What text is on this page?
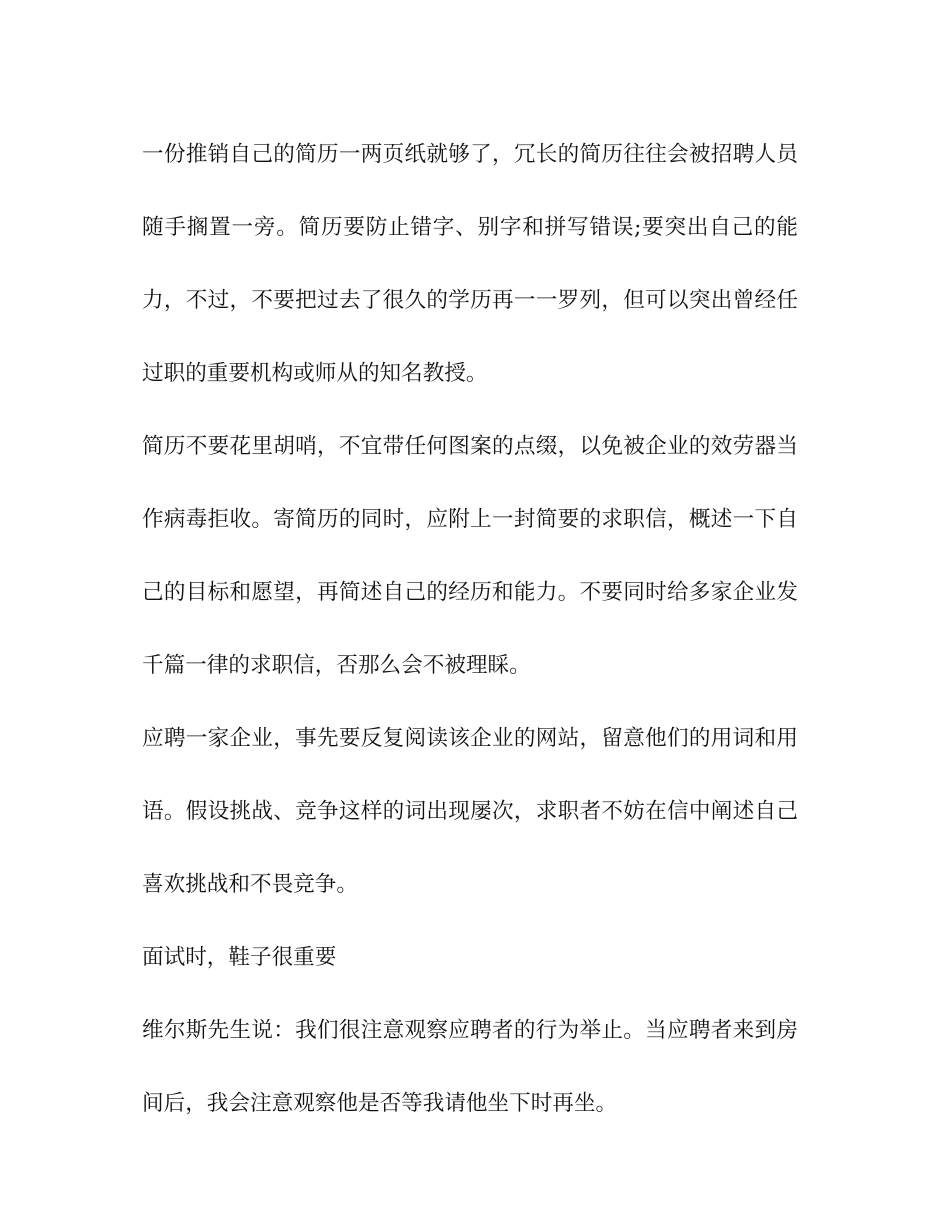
一份推销自己的简历一两页纸就够了，冗长的简历往往会被招聘人员随手搁置一旁。简历要防止错字、别字和拼写错误;要突出自己的能力，不过，不要把过去了很久的学历再一一罗列，但可以突出曾经任过职的重要机构或师从的知名教授。

简历不要花里胡哨，不宜带任何图案的点缀，以免被企业的效劳器当作病毒拒收。寄简历的同时，应附上一封简要的求职信，概述一下自己的目标和愿望，再简述自己的经历和能力。不要同时给多家企业发千篇一律的求职信，否那么会不被理睬。

应聘一家企业，事先要反复阅读该企业的网站，留意他们的用词和用语。假设挑战、竞争这样的词出现屡次，求职者不妨在信中阐述自己喜欢挑战和不畏竞争。

面试时，鞋子很重要

维尔斯先生说：我们很注意观察应聘者的行为举止。当应聘者来到房间后，我会注意观察他是否等我请他坐下时再坐。
